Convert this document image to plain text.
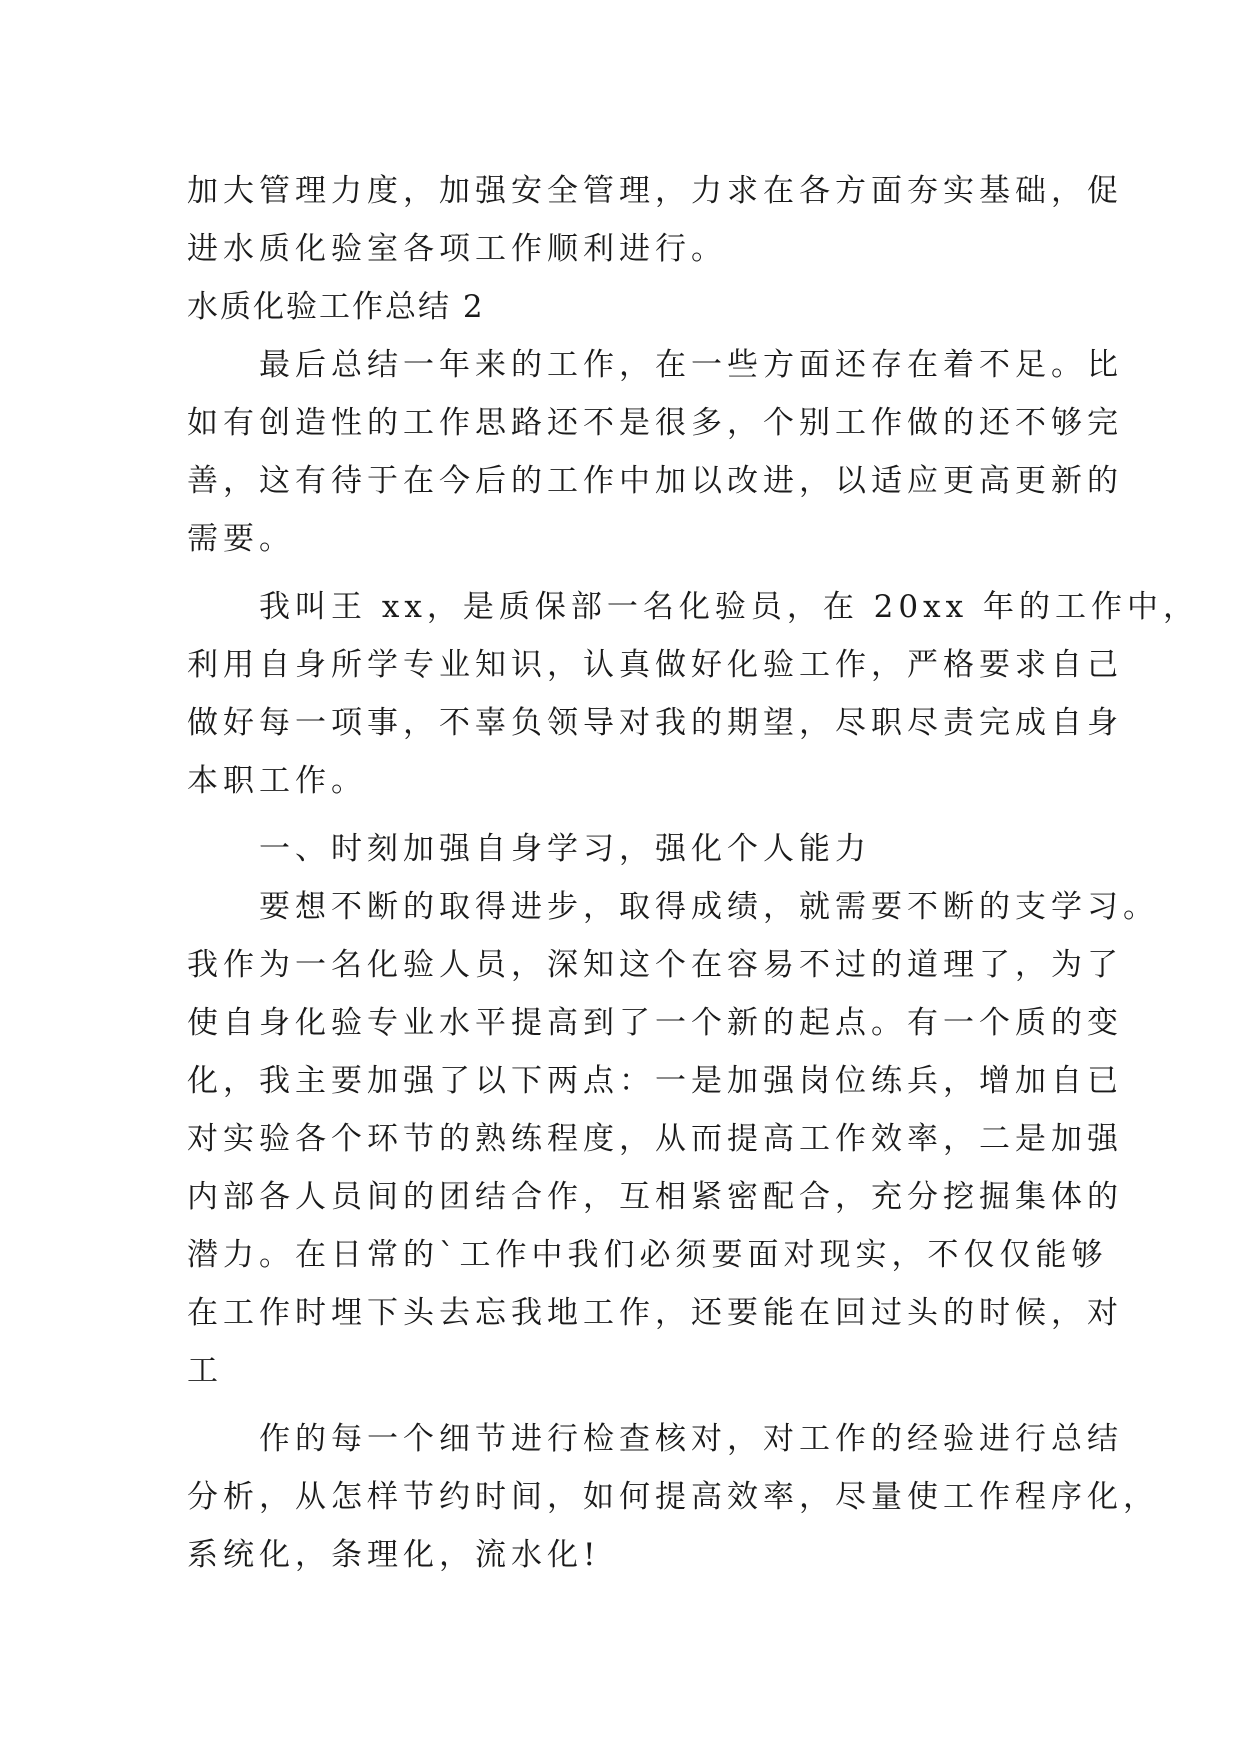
加大管理力度，加强安全管理，力求在各方面夯实基础，促
进水质化验室各项工作顺利进行。
水质化验工作总结 2
　　最后总结一年来的工作，在一些方面还存在着不足。比
如有创造性的工作思路还不是很多，个别工作做的还不够完
善，这有待于在今后的工作中加以改进，以适应更高更新的
需要。
　　我叫王 xx，是质保部一名化验员，在 20xx 年的工作中，
利用自身所学专业知识，认真做好化验工作，严格要求自己
做好每一项事，不辜负领导对我的期望，尽职尽责完成自身
本职工作。
　　一、时刻加强自身学习，强化个人能力
　　要想不断的取得进步，取得成绩，就需要不断的支学习。
我作为一名化验人员，深知这个在容易不过的道理了，为了
使自身化验专业水平提高到了一个新的起点。有一个质的变
化，我主要加强了以下两点：一是加强岗位练兵，增加自已
对实验各个环节的熟练程度，从而提高工作效率，二是加强
内部各人员间的团结合作，互相紧密配合，充分挖掘集体的
潜力。在日常的`工作中我们必须要面对现实，不仅仅能够
在工作时埋下头去忘我地工作，还要能在回过头的时候，对
工
　　作的每一个细节进行检查核对，对工作的经验进行总结
分析，从怎样节约时间，如何提高效率，尽量使工作程序化，
系统化，条理化，流水化!
